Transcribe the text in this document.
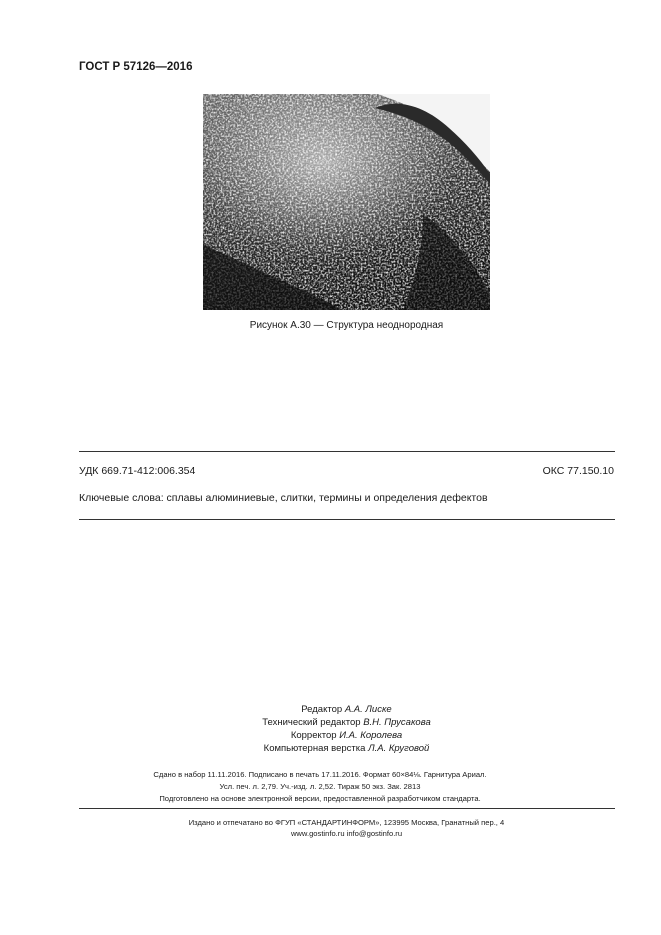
ГОСТ Р 57126—2016
Рисунок А.30 — Структура неоднородная
УДК 669.71-412:006.354	ОКС 77.150.10
Ключевые слова: сплавы алюминиевые, слитки, термины и определения дефектов
Редактор А.А. Лиске
Технический редактор В.Н. Прусакова
Корректор И.А. Королева
Компьютерная верстка Л.А. Круговой
Сдано в набор 11.11.2016. Подписано в печать 17.11.2016. Формат 60×84⅛. Гарнитура Ариал.
Усл. печ. л. 2,79. Уч.-изд. л. 2,52. Тираж 50 экз. Зак. 2813
Подготовлено на основе электронной версии, предоставленной разработчиком стандарта.
Издано и отпечатано во ФГУП «СТАНДАРТИНФОРМ», 123995 Москва, Гранатный пер., 4
www.gostinfo.ru info@gostinfo.ru
